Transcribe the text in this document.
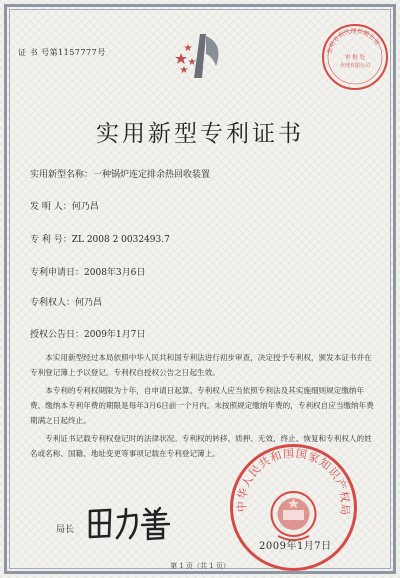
证 书 号第1157777号	发明专利代理有限公司
审 批 处
代理有限公司
实用新型专利证书
实用新型名称：一种锅炉连定排余热回收装置
发 明 人：何乃昌
专 利 号：ZL 2008 2 0032493.7
专利申请日：2008年3月6日
专利权人：何乃昌
授权公告日：2009年1月7日

本实用新型经过本局依照中华人民共和国专利法进行初步审查，决定授予专利权，颁发本证书并在专利登记簿上予以登记。专利权自授权公告之日起生效。

本专利的专利权期限为十年，自申请日起算。专利权人应当依照专利法及其实施细则规定缴纳年费。缴纳本专利年费的期限是每年3月6日前一个月内。未按照规定缴纳年费的，专利权自应当缴纳年费期满之日起终止。

专利证书记载专利权登记时的法律状况。专利权的转移、质押、无效、终止、恢复和专利权人的姓名或名称、国籍、地址变更等事项记载在专利登记簿上。

局长
中华人民共和国国家知识产权局
2009年1月7日
第 1 页（共 1 页）
